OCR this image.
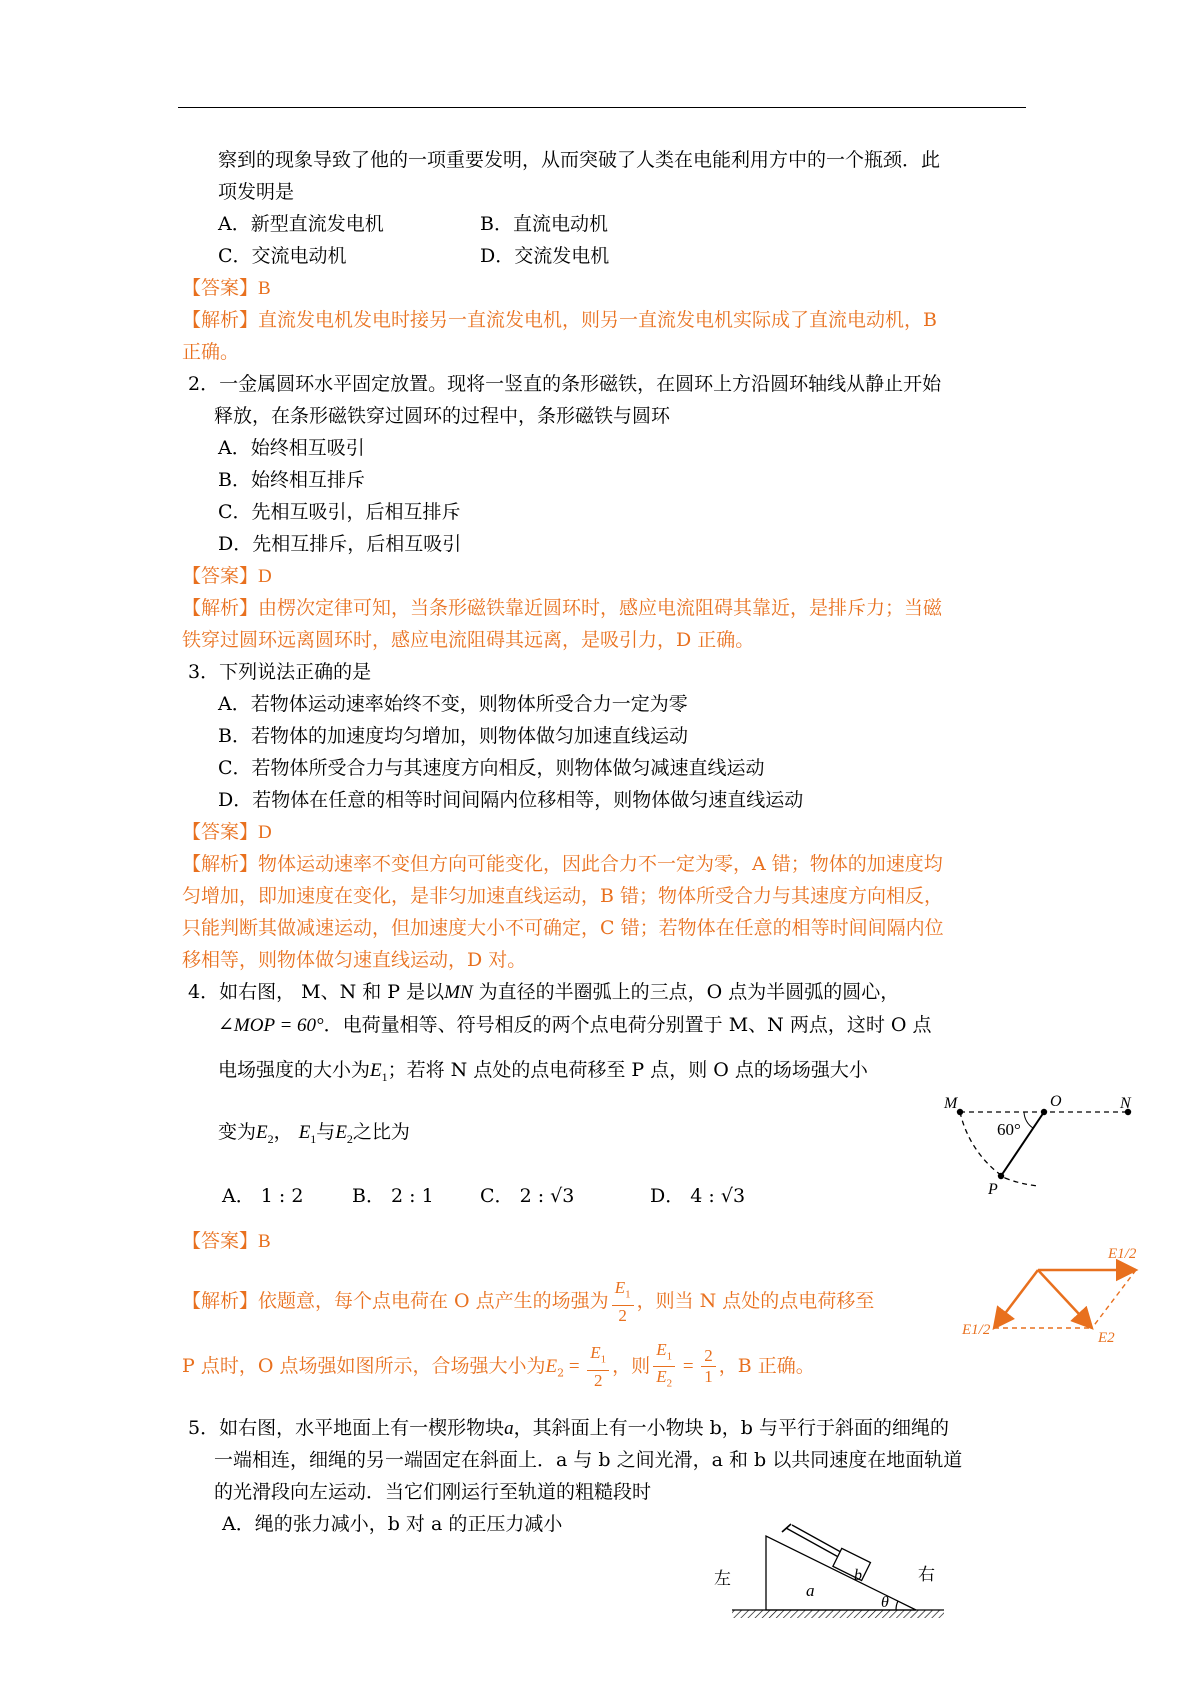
察到的现象导致了他的一项重要发明，从而突破了人类在电能利用方中的一个瓶颈．此
项发明是
A．新型直流发电机	B．直流电动机
C．交流电动机	D．交流发电机
【答案】B
【解析】直流发电机发电时接另一直流发电机，则另一直流发电机实际成了直流电动机，B
正确。
2．一金属圆环水平固定放置。现将一竖直的条形磁铁，在圆环上方沿圆环轴线从静止开始
释放，在条形磁铁穿过圆环的过程中，条形磁铁与圆环
A．始终相互吸引
B．始终相互排斥
C．先相互吸引，后相互排斥
D．先相互排斥，后相互吸引
【答案】D
【解析】由楞次定律可知，当条形磁铁靠近圆环时，感应电流阻碍其靠近，是排斥力；当磁
铁穿过圆环远离圆环时，感应电流阻碍其远离，是吸引力，D 正确。
3．下列说法正确的是
A．若物体运动速率始终不变，则物体所受合力一定为零
B．若物体的加速度均匀增加，则物体做匀加速直线运动
C．若物体所受合力与其速度方向相反，则物体做匀减速直线运动
D．若物体在任意的相等时间间隔内位移相等，则物体做匀速直线运动
【答案】D
【解析】物体运动速率不变但方向可能变化，因此合力不一定为零，A 错；物体的加速度均
匀增加，即加速度在变化，是非匀加速直线运动，B 错；物体所受合力与其速度方向相反，
只能判断其做减速运动，但加速度大小不可确定，C 错；若物体在任意的相等时间间隔内位
移相等，则物体做匀速直线运动，D 对。
4．如右图， M、N 和 P 是以MN 为直径的半圈弧上的三点，O 点为半圆弧的圆心，
∠MOP = 60°．电荷量相等、符号相反的两个点电荷分别置于 M、N 两点，这时 O 点
电场强度的大小为$E_1$；若将 N 点处的点电荷移至 P 点，则 O 点的场场强大小
变为$E_2$， $E_1$与$E_2$之比为
A． 1 : 2	B． 2 : 1 C． 2 : √3	D． 4 : √3
【答案】B
【解析】依题意，每个点电荷在 O 点产生的场强为 $\frac{E_1}{2}$ ，则当 N 点处的点电荷移至
P 点时，O 点场强如图所示，合场强大小为$E_2 = \frac{E_1}{2}$ ，则 $\frac{E_1}{E_2} = \frac{2}{1}$ ，B 正确。
M	O	N
P
60°
E1/2
E1/2	E2
5．如右图，水平地面上有一楔形物块a，其斜面上有一小物块 b，b 与平行于斜面的细绳的
一端相连，细绳的另一端固定在斜面上．a 与 b 之间光滑，a 和 b 以共同速度在地面轨道
的光滑段向左运动．当它们刚运行至轨道的粗糙段时
A．绳的张力减小，b 对 a 的正压力减小
左	右
a
b
θ
